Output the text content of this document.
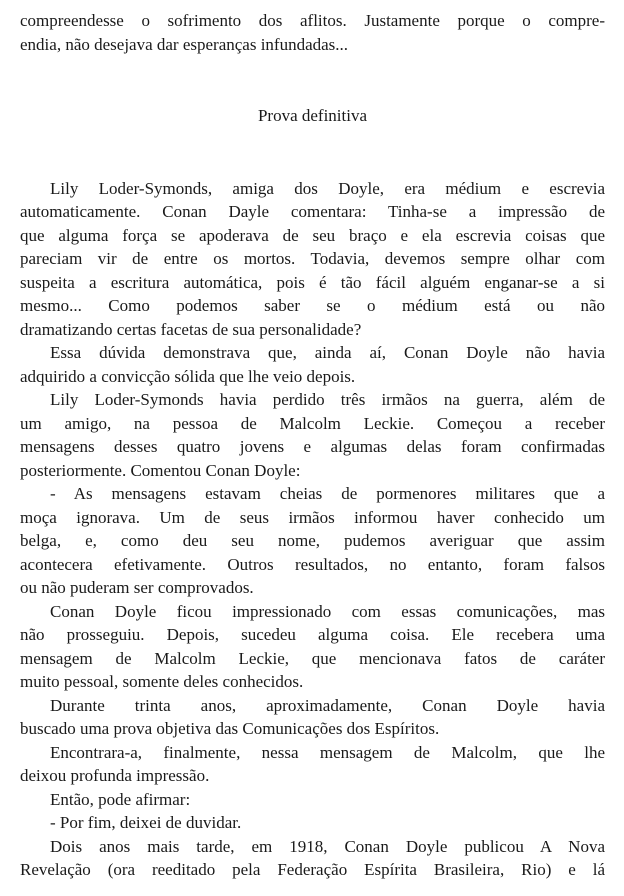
compreendesse o sofrimento dos aflitos. Justamente porque o compre-
endia, não desejava dar esperanças infundadas...
Prova definitiva
Lily Loder-Symonds, amiga dos Doyle, era médium e escrevia
automaticamente. Conan Dayle comentara: Tinha-se a impressão de
que alguma força se apoderava de seu braço e ela escrevia coisas que
pareciam vir de entre os mortos. Todavia, devemos sempre olhar com
suspeita a escritura automática, pois é tão fácil alguém enganar-se a si
mesmo... Como podemos saber se o médium está ou não
dramatizando certas facetas de sua personalidade?
Essa dúvida demonstrava que, ainda aí, Conan Doyle não havia
adquirido a convicção sólida que lhe veio depois.
Lily Loder-Symonds havia perdido três irmãos na guerra, além de
um amigo, na pessoa de Malcolm Leckie. Começou a receber
mensagens desses quatro jovens e algumas delas foram confirmadas
posteriormente. Comentou Conan Doyle:
- As mensagens estavam cheias de pormenores militares que a
moça ignorava. Um de seus irmãos informou haver conhecido um
belga, e, como deu seu nome, pudemos averiguar que assim
acontecera efetivamente. Outros resultados, no entanto, foram falsos
ou não puderam ser comprovados.
Conan Doyle ficou impressionado com essas comunicações, mas
não prosseguiu. Depois, sucedeu alguma coisa. Ele recebera uma
mensagem de Malcolm Leckie, que mencionava fatos de caráter
muito pessoal, somente deles conhecidos.
Durante trinta anos, aproximadamente, Conan Doyle havia
buscado uma prova objetiva das Comunicações dos Espíritos.
Encontrara-a, finalmente, nessa mensagem de Malcolm, que lhe
deixou profunda impressão.
Então, pode afirmar:
- Por fim, deixei de duvidar.
Dois anos mais tarde, em 1918, Conan Doyle publicou A Nova
Revelação (ora reeditado pela Federação Espírita Brasileira, Rio) e lá
